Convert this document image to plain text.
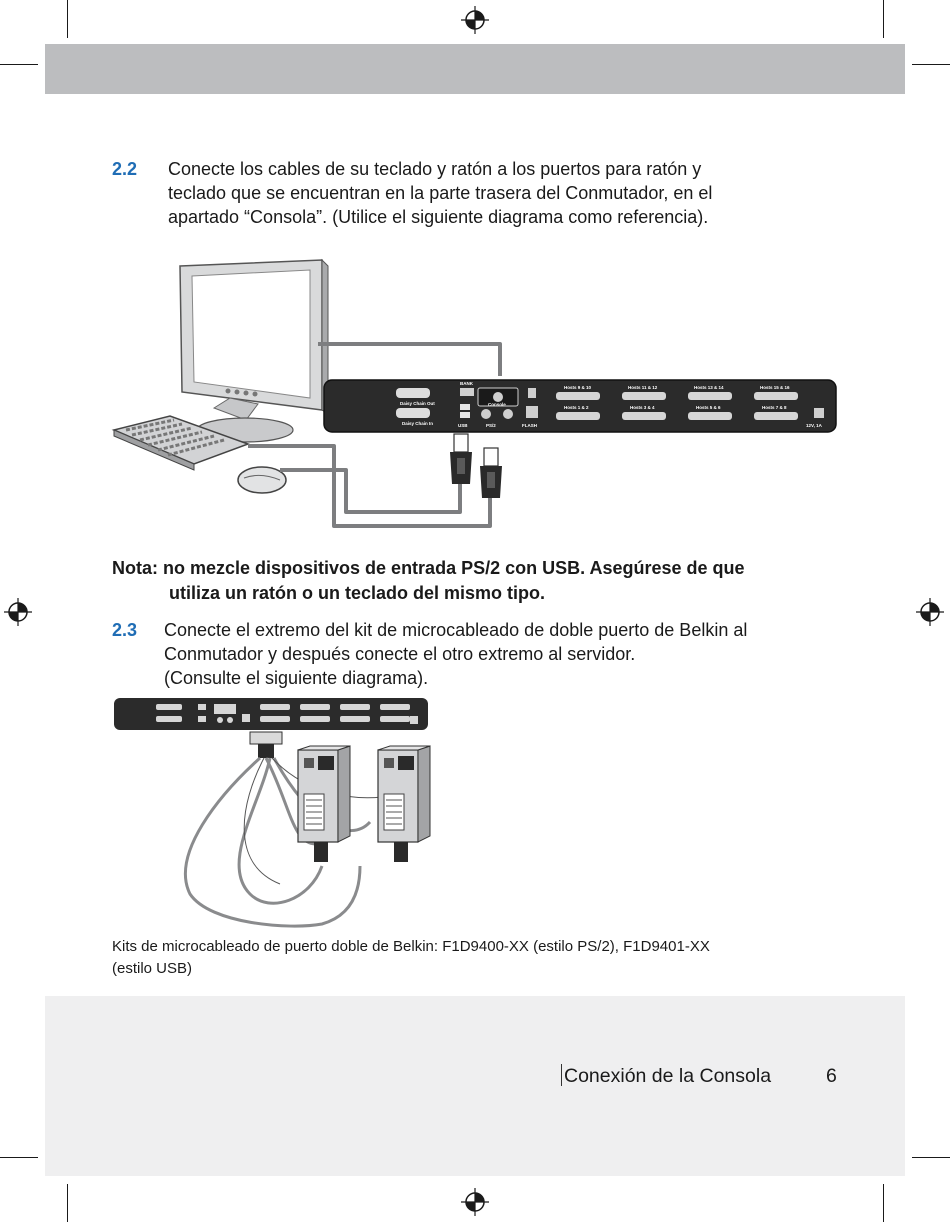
2.2 Conecte los cables de su teclado y ratón a los puertos para ratón y
teclado que se encuentran en la parte trasera del Conmutador, en el
apartado “Consola”. (Utilice el siguiente diagrama como referencia).
Daisy Chain Out
Daisy Chain In
BANK
Console
USB	PS/2	FLASH	12V, 1A
Hosts 9 & 10	Hosts 11 & 12	Hosts 13 & 14	Hosts 15 & 16
Hosts 1 & 2	Hosts 3 & 4	Hosts 5 & 6	Hosts 7 & 8
Nota: no mezcle dispositivos de entrada PS/2 con USB. Asegúrese de que
utiliza un ratón o un teclado del mismo tipo.
2.3 Conecte el extremo del kit de microcableado de doble puerto de Belkin al
Conmutador y después conecte el otro extremo al servidor.
(Consulte el siguiente diagrama).
Kits de microcableado de puerto doble de Belkin: F1D9400-XX (estilo PS/2), F1D9401-XX
(estilo USB)
Conexión de la Consola	6
